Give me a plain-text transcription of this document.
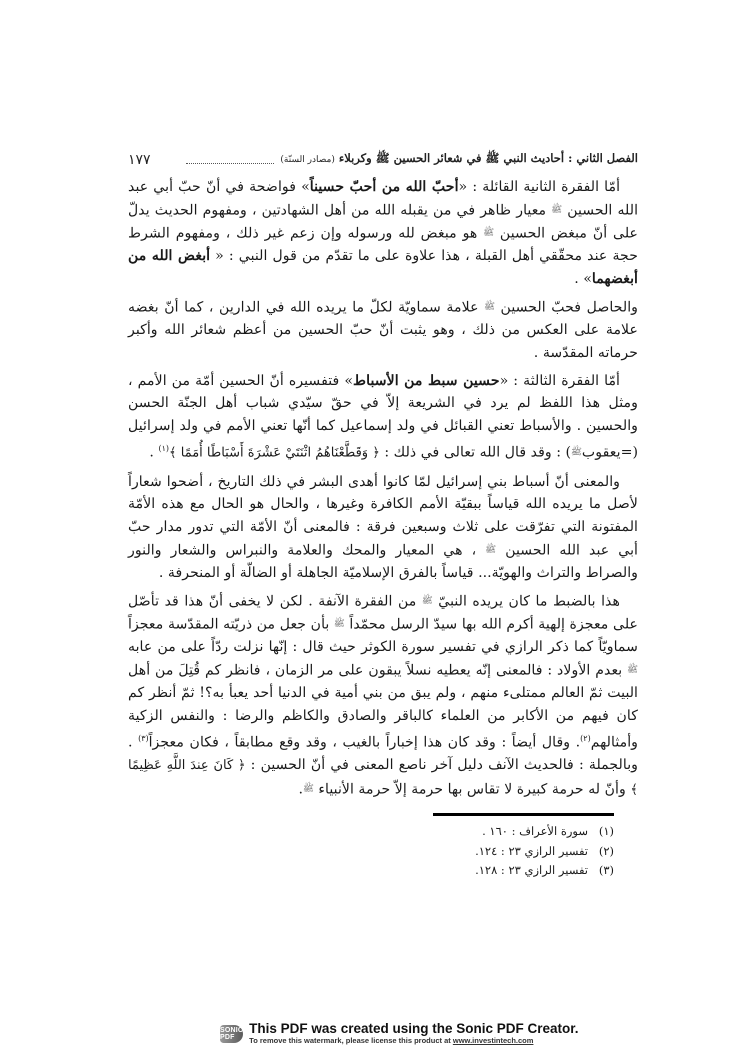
الفصل الثاني : أحاديث النبي ﷺ في شعائر الحسين ﷺ وكربلاء (مصادر السنّة)
١٧٧

أمّا الفقرة الثانية القائلة : «أحبّ الله من أحبّ حسيناً» فواضحة في أنّ حبّ أبي عبد الله الحسين ﷺ معيار ظاهر في من يقبله الله من أهل الشهادتين ، ومفهوم الحديث يدلّ على أنّ مبغض الحسين ﷺ هو مبغض لله ورسوله وإن زعم غير ذلك ، ومفهوم الشرط حجة عند محقّقي أهل القبلة ، هذا علاوة على ما تقدّم من قول النبي : « أبغض الله من أبغضهما» .

والحاصل فحبّ الحسين ﷺ علامة سماويّة لكلّ ما يريده الله في الدارين ، كما أنّ بغضه علامة على العكس من ذلك ، وهو يثبت أنّ حبّ الحسين من أعظم شعائر الله وأكبر حرماته المقدّسة .

أمّا الفقرة الثالثة : «حسين سبط من الأسباط» فتفسيره أنّ الحسين أمّة من الأمم ، ومثل هذا اللفظ لم يرد في الشريعة إلاّ في حقّ سيّدي شباب أهل الجنّة الحسن والحسين . والأسباط تعني القبائل في ولد إسماعيل كما أنّها تعني الأمم في ولد إسرائيل (=يعقوبﷺ) : وقد قال الله تعالى في ذلك : ﴿ وَقَطَّعْنَاهُمُ اثْنَتَيْ عَشْرَةَ أَسْبَاطًا أُمَمًا ﴾$^{(١)}$ .

والمعنى أنّ أسباط بني إسرائيل لمّا كانوا أهدى البشر في ذلك التاريخ ، أضحوا شعاراً لأصل ما يريده الله قياساً ببقيّة الأمم الكافرة وغيرها ، والحال هو الحال مع هذه الأمّة المفتونة التي تفرّقت على ثلاث وسبعين فرقة : فالمعنى أنّ الأمّة التي تدور مدار حبّ أبي عبد الله الحسين ﷺ ، هي المعيار والمحك والعلامة والنبراس والشعار والنور والصراط والتراث والهويّة... قياساً بالفرق الإسلاميّة الجاهلة أو الضالّة أو المنحرفة .

هذا بالضبط ما كان يريده النبيّ ﷺ من الفقرة الآنفة . لكن لا يخفى أنّ هذا قد تأصّل على معجزة إلهية أكرم الله بها سيدّ الرسل محمّداً ﷺ بأن جعل من ذريّته المقدّسة معجزاً سماويّاً كما ذكر الرازي في تفسير سورة الكوثر حيث قال : إنّها نزلت ردّاً على من عابه ﷺ بعدم الأولاد : فالمعنى إنّه يعطيه نسلاً يبقون على مر الزمان ، فانظر كم قُتِلَ من أهل البيت ثمّ العالم ممتلىء منهم ، ولم يبق من بني أمية في الدنيا أحد يعبأ به؟! ثمّ أنظر كم كان فيهم من الأكابر من العلماء كالباقر والصادق والكاظم والرضا : والنفس الزكية وأمثالهم$^{(٢)}$. وقال أيضاً : وقد كان هذا إخباراً بالغيب ، وقد وقع مطابقاً ، فكان معجزاً$^{(٣)}$ . وبالجملة : فالحديث الآنف دليل آخر ناصع المعنى في أنّ الحسين : ﴿ كَانَ عِندَ اللَّهِ عَظِيمًا ﴾ وأنّ له حرمة كبيرة لا تقاس بها حرمة إلاّ حرمة الأنبياء ﷺ.

(١)
سورة الأعراف : ١٦٠ .
(٢)
تفسير الرازي ٢٣ : ١٢٤.
(٣)
تفسير الرازي ٢٣ : ١٢٨.
SONIC PDF
This PDF was created using the Sonic PDF Creator.
To remove this watermark, please license this product at www.investintech.com
